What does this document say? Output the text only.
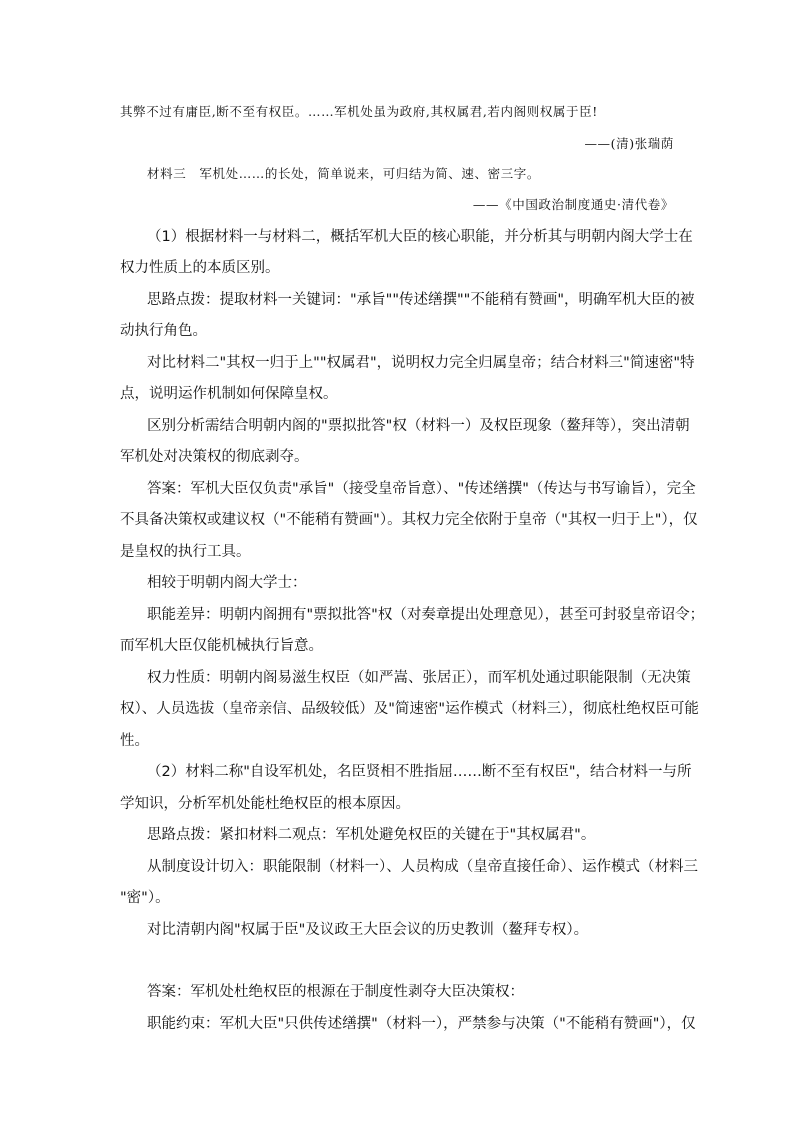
其弊不过有庸臣,断不至有权臣。……军机处虽为政府,其权属君,若内阁则权属于臣!
——(清)张瑞荫
材料三　军机处……的长处，简单说来，可归结为简、速、密三字。
——《中国政治制度通史·清代卷》
（1）根据材料一与材料二，概括军机大臣的核心职能，并分析其与明朝内阁大学士在
权力性质上的本质区别。
思路点拨：提取材料一关键词："承旨""传述缮撰""不能稍有赞画"，明确军机大臣的被
动执行角色。
对比材料二"其权一归于上""权属君"，说明权力完全归属皇帝；结合材料三"简速密"特
点，说明运作机制如何保障皇权。
区别分析需结合明朝内阁的"票拟批答"权（材料一）及权臣现象（鳌拜等），突出清朝
军机处对决策权的彻底剥夺。
答案：军机大臣仅负责"承旨"（接受皇帝旨意）、"传述缮撰"（传达与书写谕旨），完全
不具备决策权或建议权（"不能稍有赞画"）。其权力完全依附于皇帝（"其权一归于上"），仅
是皇权的执行工具。
相较于明朝内阁大学士：
职能差异：明朝内阁拥有"票拟批答"权（对奏章提出处理意见），甚至可封驳皇帝诏令；
而军机大臣仅能机械执行旨意。
权力性质：明朝内阁易滋生权臣（如严嵩、张居正），而军机处通过职能限制（无决策
权）、人员选拔（皇帝亲信、品级较低）及"简速密"运作模式（材料三），彻底杜绝权臣可能
性。
（2）材料二称"自设军机处，名臣贤相不胜指屈……断不至有权臣"，结合材料一与所
学知识，分析军机处能杜绝权臣的根本原因。
思路点拨：紧扣材料二观点：军机处避免权臣的关键在于"其权属君"。
从制度设计切入：职能限制（材料一）、人员构成（皇帝直接任命）、运作模式（材料三
"密"）。
对比清朝内阁"权属于臣"及议政王大臣会议的历史教训（鳌拜专权）。
答案：军机处杜绝权臣的根源在于制度性剥夺大臣决策权：
职能约束：军机大臣"只供传述缮撰"（材料一），严禁参与决策（"不能稍有赞画"），仅
